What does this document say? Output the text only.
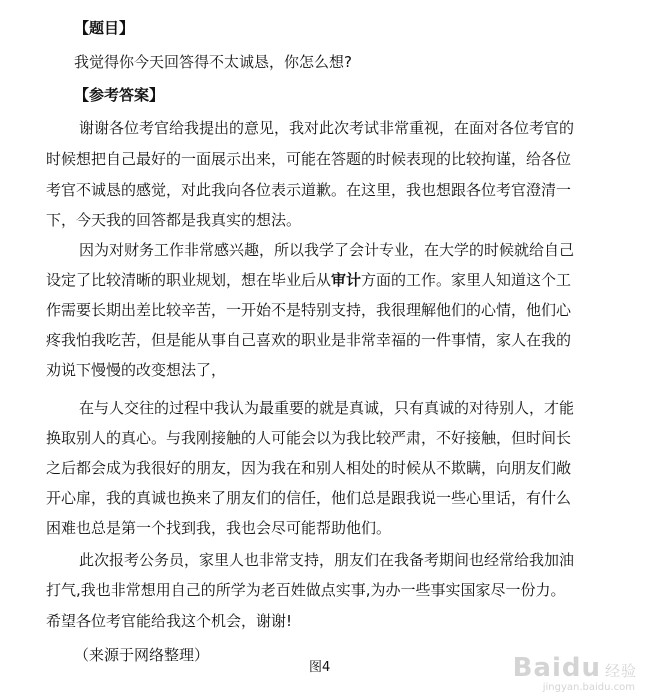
【题目】
我觉得你今天回答得不太诚恳，你怎么想?
【参考答案】
谢谢各位考官给我提出的意见，我对此次考试非常重视，在面对各位考官的
时候想把自己最好的一面展示出来，可能在答题的时候表现的比较拘谨，给各位
考官不诚恳的感觉，对此我向各位表示道歉。在这里，我也想跟各位考官澄清一
下，今天我的回答都是我真实的想法。
因为对财务工作非常感兴趣，所以我学了会计专业，在大学的时候就给自己
设定了比较清晰的职业规划，想在毕业后从审计方面的工作。家里人知道这个工
作需要长期出差比较辛苦，一开始不是特别支持，我很理解他们的心情，他们心
疼我怕我吃苦，但是能从事自己喜欢的职业是非常幸福的一件事情，家人在我的
劝说下慢慢的改变想法了，
在与人交往的过程中我认为最重要的就是真诚，只有真诚的对待别人，才能
换取别人的真心。与我刚接触的人可能会以为我比较严肃，不好接触，但时间长
之后都会成为我很好的朋友，因为我在和别人相处的时候从不欺瞒，向朋友们敞
开心扉，我的真诚也换来了朋友们的信任，他们总是跟我说一些心里话，有什么
困难也总是第一个找到我，我也会尽可能帮助他们。
此次报考公务员，家里人也非常支持，朋友们在我备考期间也经常给我加油
打气,我也非常想用自己的所学为老百姓做点实事,为办一些事实国家尽一份力。
希望各位考官能给我这个机会，谢谢!
（来源于网络整理）
图4	Baidu 经验
jingyan.baidu.com
